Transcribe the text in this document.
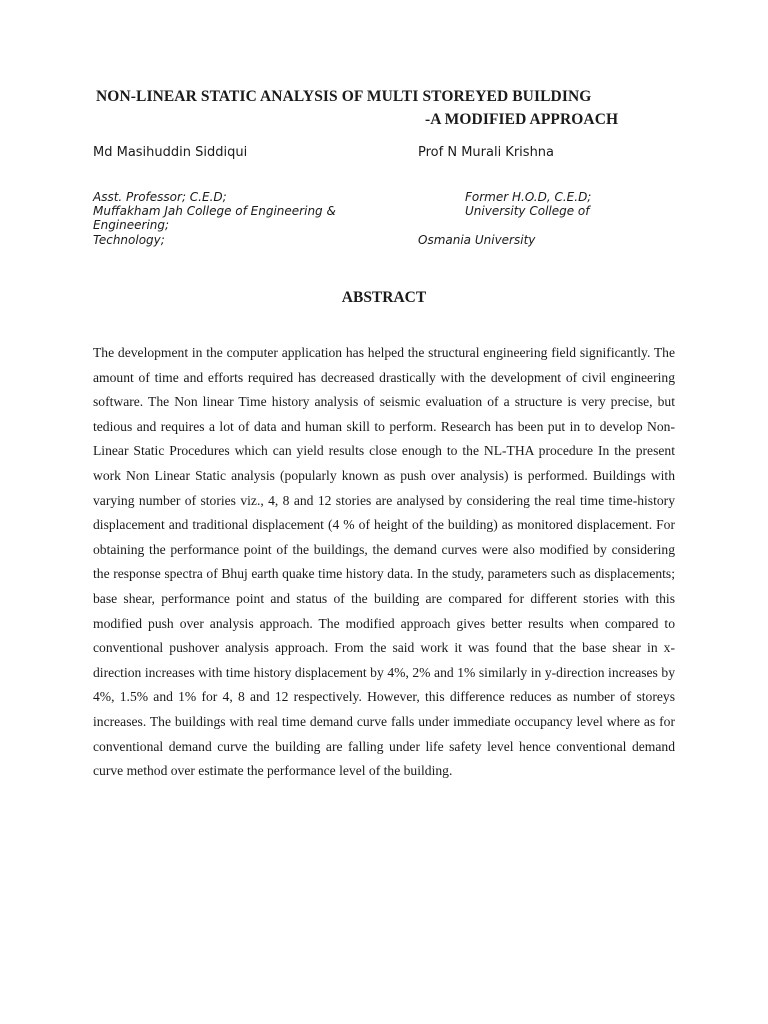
NON-LINEAR STATIC ANALYSIS OF MULTI STOREYED BUILDING
-A MODIFIED APPROACH
Md Masihuddin Siddiqui	Prof N Murali Krishna
Asst. Professor; C.E.D;
Muffakham Jah College of Engineering &
Engineering;
Technology;
Former H.O.D, C.E.D;
University College of
Osmania University
ABSTRACT
The development in the computer application has helped the structural engineering field significantly. The amount of time and efforts required has decreased drastically with the development of civil engineering software. The Non linear Time history analysis of seismic evaluation of a structure is very precise, but tedious and requires a lot of data and human skill to perform. Research has been put in to develop Non-Linear Static Procedures which can yield results close enough to the NL-THA procedure In the present work Non Linear Static analysis (popularly known as push over analysis) is performed. Buildings with varying number of stories viz., 4, 8 and 12 stories are analysed by considering the real time time-history displacement and traditional displacement (4 % of height of the building) as monitored displacement. For obtaining the performance point of the buildings, the demand curves were also modified by considering the response spectra of Bhuj earth quake time history data. In the study, parameters such as displacements; base shear, performance point and status of the building are compared for different stories with this modified push over analysis approach. The modified approach gives better results when compared to conventional pushover analysis approach. From the said work it was found that the base shear in x-direction increases with time history displacement by 4%, 2% and 1% similarly in y-direction increases by 4%, 1.5% and 1% for 4, 8 and 12 respectively. However, this difference reduces as number of storeys increases. The buildings with real time demand curve falls under immediate occupancy level where as for conventional demand curve the building are falling under life safety level hence conventional demand curve method over estimate the performance level of the building.
